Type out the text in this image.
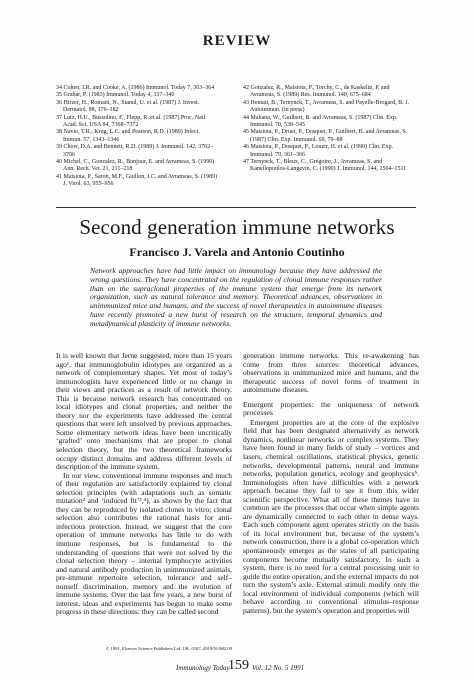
REVIEW
34 Cohen, I.R. and Cooke, A. (1986) Immunol. Today 7, 363–364
35 Grabar, P. (1983) Immunol. Today 4, 337–340
36 Hirzer, H., Romani, N., Stanul, U. et al. (1987) J. Invest. Dermatol. 88, 176–182
37 Lutz, H.U., Bussolino, F., Flepp, R. et al. (1987) Proc. Natl Acad. Sci. USA 84, 7368–7372
38 Navio, T.R., Krug, L.C. and Pearson, R.D. (1989) Infect. Immun. 57, 1343–1346
39 Chow, D.A. and Bennett, R.D. (1989) J. Immunol. 142, 3702–3706
40 Michel, C., Gonzalez, R., Bonjour, E. and Avrameas, S. (1990) Ann. Rech. Vet. 21, 211–218
41 Matsiota, P., Saron, M.F., Guillon, J.C. and Avrameas, S. (1989) J. Virol. 63, 955–956
42 Gonzalez, R., Matsiota, P., Torchy, C., de Kaskelin, P. and Avrameas, S. (1989) Res. Immunol. 140, 675–684
43 Hentati, B., Ternynck, T., Avrameas, S. and Payelle-Brogard, B. J. Autoimmun. (in press)
44 Mahana, W., Guilbert, B. and Avrameas, S. (1987) Clin. Exp. Immunol. 70, 538–545
45 Matsiota, P., Druet, P., Dosquet, P., Guilbert, B. and Avrameas, S. (1987) Clin. Exp. Immunol. 69, 79–88
46 Matsiota, P., Dosquet, P., Louzir, H. et al. (1990) Clin. Exp. Immunol. 79, 361–366
47 Ternynck, T., Bleux, C., Grégoire, J., Avrameas, S. and Kanellopoulos-Langevin, C. (1990) J. Immunol. 144, 1504–1511
Second generation immune networks
Francisco J. Varela and Antonio Coutinho
Network approaches have had little impact on immunology because they have addressed the wrong questions. They have concentrated on the regulation of clonal immune responses rather than on the supraclonal properties of the immune system that emerge from its network organization, such as natural tolerance and memory. Theoretical advances, observations in unimmunized mice and humans, and the success of novel therapeutics in autoimmune diseases have recently promoted a new burst of research on the structure, temporal dynamics and metadynamical plasticity of immune networks.

It is well known that Jerne suggested, more than 15 years ago¹, that immunoglobulin idiotypes are organized as a network of complementary shapes. Yet most of today’s immunologists have experienced little or no change in their views and practices as a result of network theory. This is because network research has concentrated on local idiotypes and clonal properties, and neither the theory nor the experiments have addressed the central questions that were left unsolved by previous approaches. Some elementary network ideas have been uncritically ‘grafted’ onto mechanisms that are proper to clonal selection theory, but the two theoretical frameworks occupy distinct domains and address different levels of description of the immune system.

In our view, conventional immune responses and much of their regulation are satisfactorily explained by clonal selection principles (with adaptations such as somatic mutation² and ‘induced fit’³,⁴), as shown by the fact that they can be reproduced by isolated clones in vitro; clonal selection also contributes the rational basis for anti-infectious protection. Instead, we suggest that the core operation of immune networks has little to do with immune responses, but is fundamental to the understanding of questions that were not solved by the clonal selection theory – internal lymphocyte activities and natural antibody production in unimmunized animals, pre-immune repertoire selection, tolerance and self–nonself discrimination, memory and the evolution of immune systems. Over the last few years, a new burst of interest, ideas and experiments has begun to make some progress in these directions: they can be called second

generation immune networks. This re-awakening has come from three sources: theoretical advances, observations in unimmunized mice and humans, and the therapeutic success of novel forms of treatment in autoimmune diseases.

Emergent properties: the uniqueness of network processes

Emergent properties are at the core of the explosive field that has been designated alternatively as network dynamics, nonlinear networks or complex systems. They have been found in many fields of study – vortices and lasers, chemical oscillations, statistical physics, genetic networks, developmental patterns, neural and immune networks, population genetics, ecology and geophysics⁵. Immunologists often have difficulties with a network approach because they fail to see it from this wider scientific perspective. What all of these themes have in common are the processes that occur when simple agents are dynamically connected to each other in dense ways. Each such component agent operates strictly on the basis of its local environment but, because of the system’s network construction, there is a global co-operation which spontaneously emerges as the states of all participating components become mutually satisfactory. In such a system, there is no need for a central processing unit to guide the entire operation, and the external impacts do not turn the system’s axle. External stimuli modify only the local environment of individual components (which will behave according to conventional stimulus–response patterns), but the system’s operation and properties will

© 1991, Elsevier Science Publishers Ltd, UK. 0167–4919/91/$02.00
Immunology Today
159 Vol. 12 No. 5 1991
